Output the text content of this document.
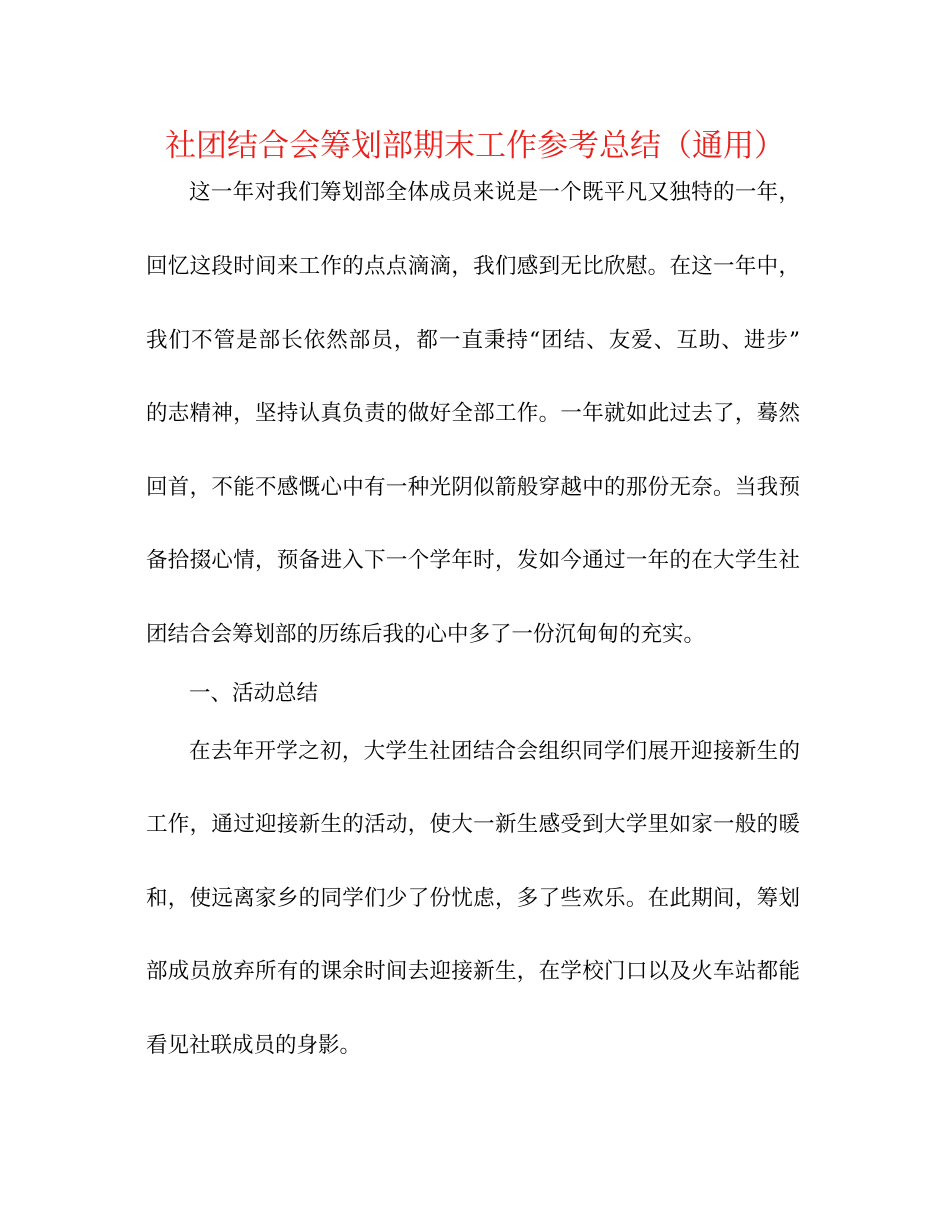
社团结合会筹划部期末工作参考总结（通用）
这一年对我们筹划部全体成员来说是一个既平凡又独特的一年，
回忆这段时间来工作的点点滴滴，我们感到无比欣慰。在这一年中，
我们不管是部长依然部员，都一直秉持“团结、友爱、互助、进步”
的志精神，坚持认真负责的做好全部工作。一年就如此过去了，蓦然
回首，不能不感慨心中有一种光阴似箭般穿越中的那份无奈。当我预
备拾掇心情，预备进入下一个学年时，发如今通过一年的在大学生社
团结合会筹划部的历练后我的心中多了一份沉甸甸的充实。
一、活动总结
在去年开学之初，大学生社团结合会组织同学们展开迎接新生的
工作，通过迎接新生的活动，使大一新生感受到大学里如家一般的暖
和，使远离家乡的同学们少了份忧虑，多了些欢乐。在此期间，筹划
部成员放弃所有的课余时间去迎接新生，在学校门口以及火车站都能
看见社联成员的身影。
